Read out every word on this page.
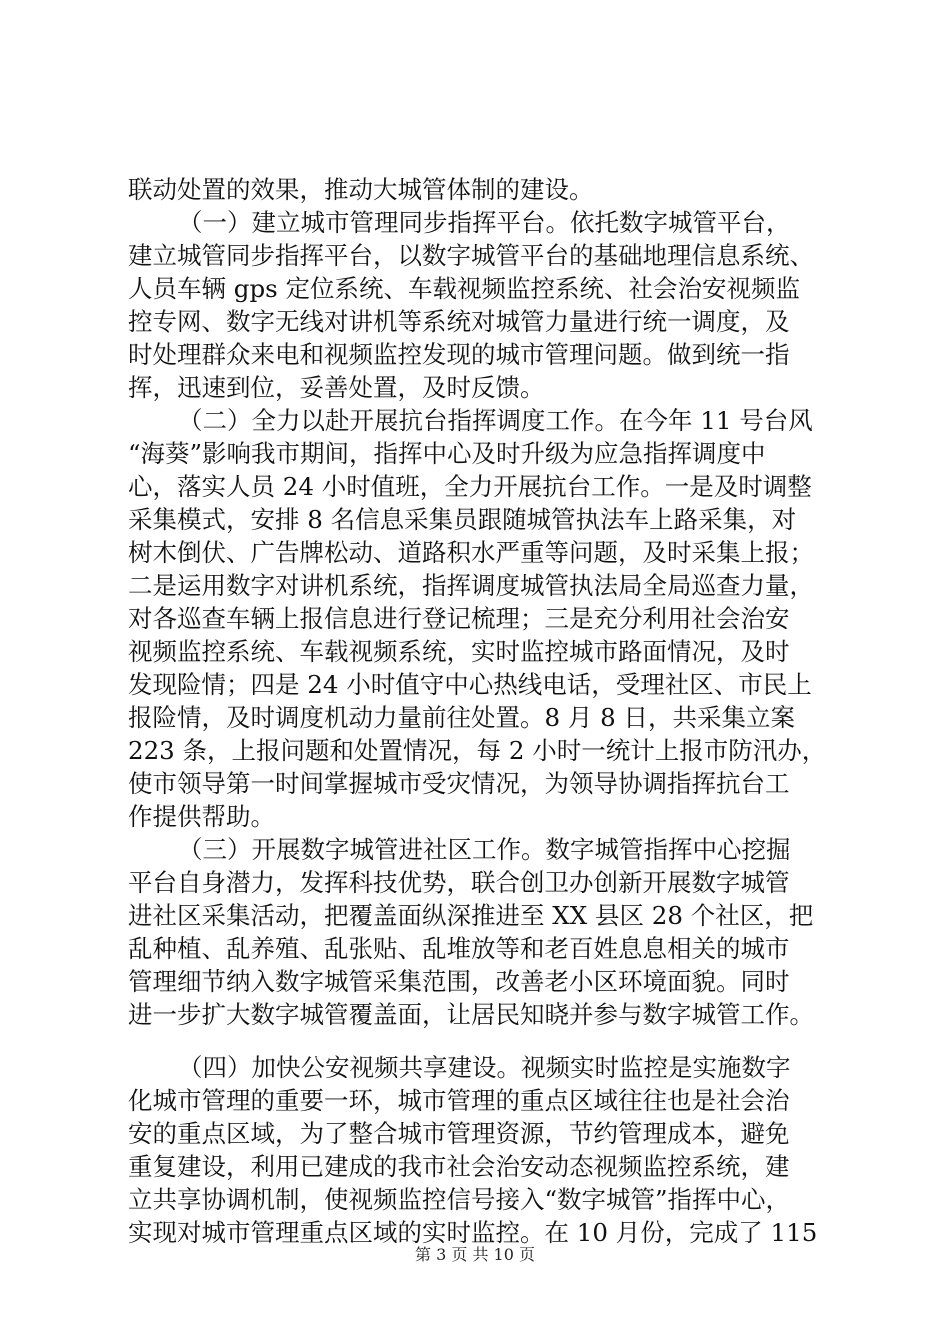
联动处置的效果，推动大城管体制的建设。
（一）建立城市管理同步指挥平台。依托数字城管平台，
建立城管同步指挥平台，以数字城管平台的基础地理信息系统、
人员车辆 gps 定位系统、车载视频监控系统、社会治安视频监
控专网、数字无线对讲机等系统对城管力量进行统一调度，及
时处理群众来电和视频监控发现的城市管理问题。做到统一指
挥，迅速到位，妥善处置，及时反馈。
（二）全力以赴开展抗台指挥调度工作。在今年 11 号台风
“海葵”影响我市期间，指挥中心及时升级为应急指挥调度中
心，落实人员 24 小时值班，全力开展抗台工作。一是及时调整
采集模式，安排 8 名信息采集员跟随城管执法车上路采集，对
树木倒伏、广告牌松动、道路积水严重等问题，及时采集上报；
二是运用数字对讲机系统，指挥调度城管执法局全局巡查力量，
对各巡查车辆上报信息进行登记梳理；三是充分利用社会治安
视频监控系统、车载视频系统，实时监控城市路面情况，及时
发现险情；四是 24 小时值守中心热线电话，受理社区、市民上
报险情，及时调度机动力量前往处置。8 月 8 日，共采集立案
223 条，上报问题和处置情况，每 2 小时一统计上报市防汛办，
使市领导第一时间掌握城市受灾情况，为领导协调指挥抗台工
作提供帮助。
（三）开展数字城管进社区工作。数字城管指挥中心挖掘
平台自身潜力，发挥科技优势，联合创卫办创新开展数字城管
进社区采集活动，把覆盖面纵深推进至 XX 县区 28 个社区，把
乱种植、乱养殖、乱张贴、乱堆放等和老百姓息息相关的城市
管理细节纳入数字城管采集范围，改善老小区环境面貌。同时
进一步扩大数字城管覆盖面，让居民知晓并参与数字城管工作。
（四）加快公安视频共享建设。视频实时监控是实施数字
化城市管理的重要一环，城市管理的重点区域往往也是社会治
安的重点区域，为了整合城市管理资源，节约管理成本，避免
重复建设，利用已建成的我市社会治安动态视频监控系统，建
立共享协调机制，使视频监控信号接入“数字城管”指挥中心，
实现对城市管理重点区域的实时监控。在 10 月份，完成了 115
第 3 页 共 10 页
